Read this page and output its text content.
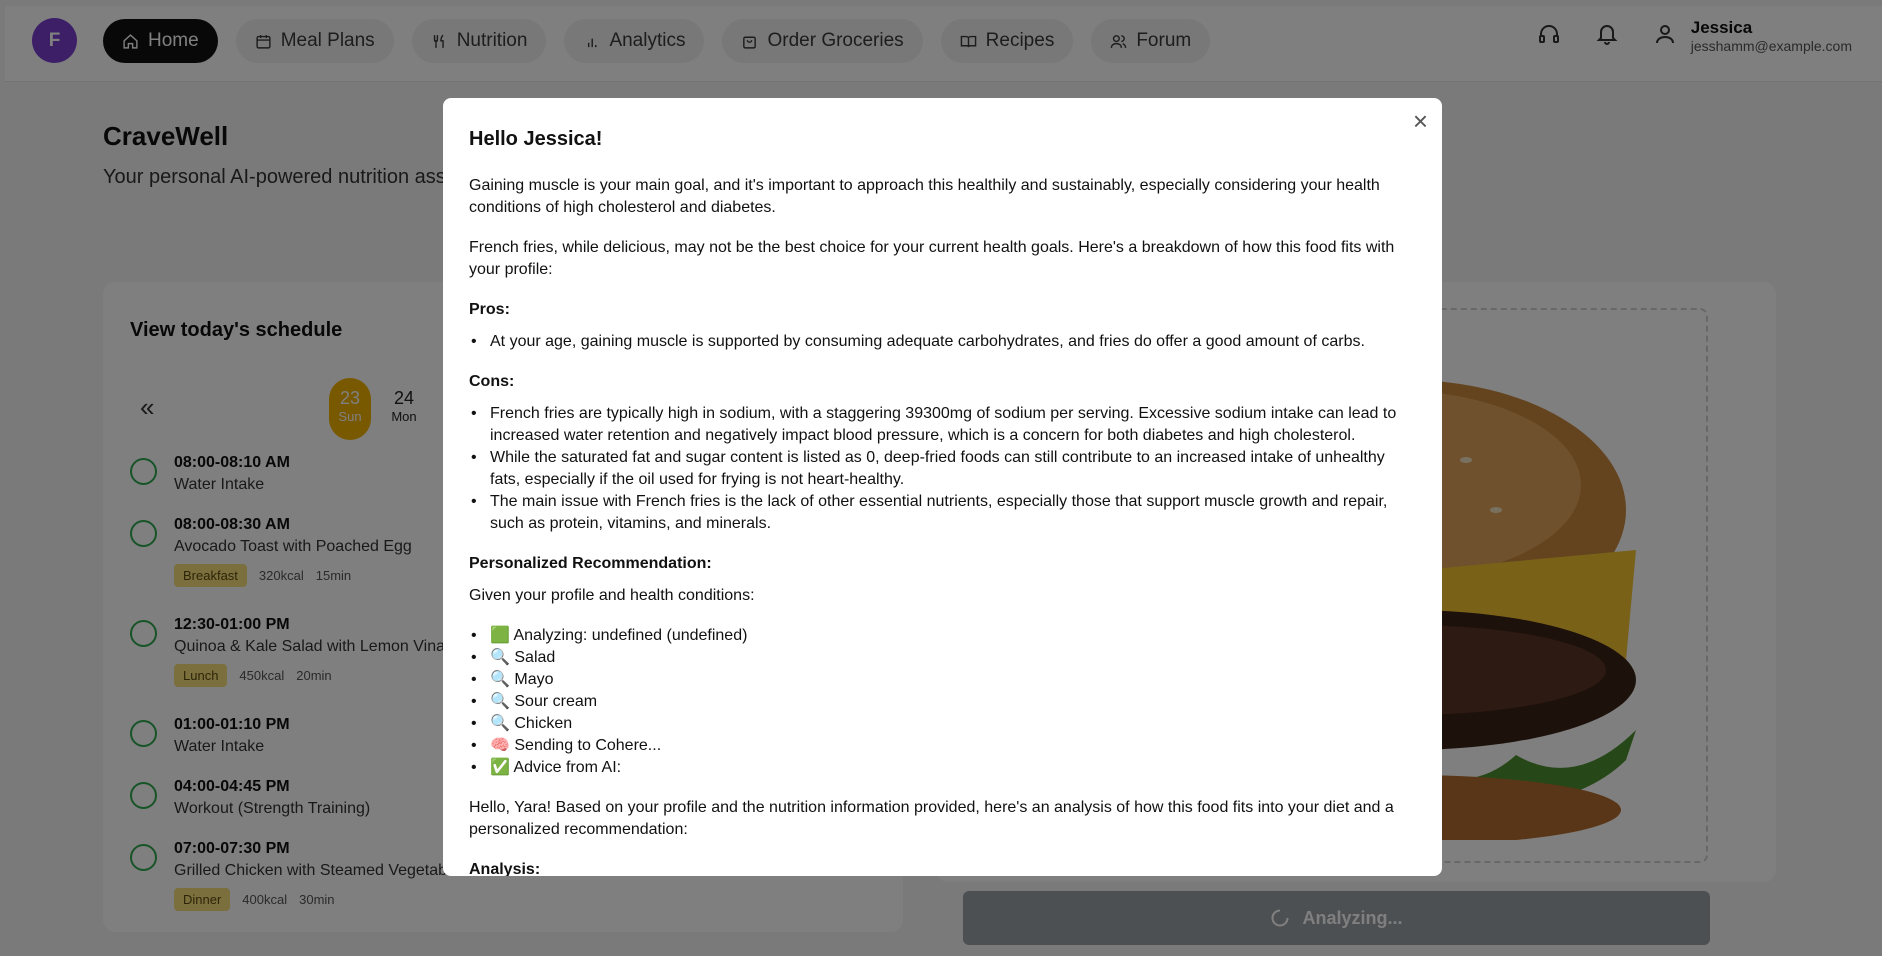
×
Hello Jessica!

Gaining muscle is your main goal, and it's important to approach this healthily and sustainably, especially considering your health conditions of high cholesterol and diabetes.

French fries, while delicious, may not be the best choice for your current health goals. Here's a breakdown of how this food fits with your profile:

Pros:
• At your age, gaining muscle is supported by consuming adequate carbohydrates, and fries do offer a good amount of carbs.
Cons:
• French fries are typically high in sodium, with a staggering 39300mg of sodium per serving. Excessive sodium intake can lead to increased water retention and negatively impact blood pressure, which is a concern for both diabetes and high cholesterol.
• While the saturated fat and sugar content is listed as 0, deep-fried foods can still contribute to an increased intake of unhealthy fats, especially if the oil used for frying is not heart-healthy.
• The main issue with French fries is the lack of other essential nutrients, especially those that support muscle growth and repair, such as protein, vitamins, and minerals.
Personalized Recommendation:

Given your profile and health conditions:

• 🟩 Analyzing: undefined (undefined)
• 🔍 Salad
• 🔍 Mayo
• 🔍 Sour cream
• 🔍 Chicken
• 🧠 Sending to Cohere...
• ✅ Advice from AI:

Hello, Yara! Based on your profile and the nutrition information provided, here's an analysis of how this food fits into your diet and a personalized recommendation:

Analysis:
